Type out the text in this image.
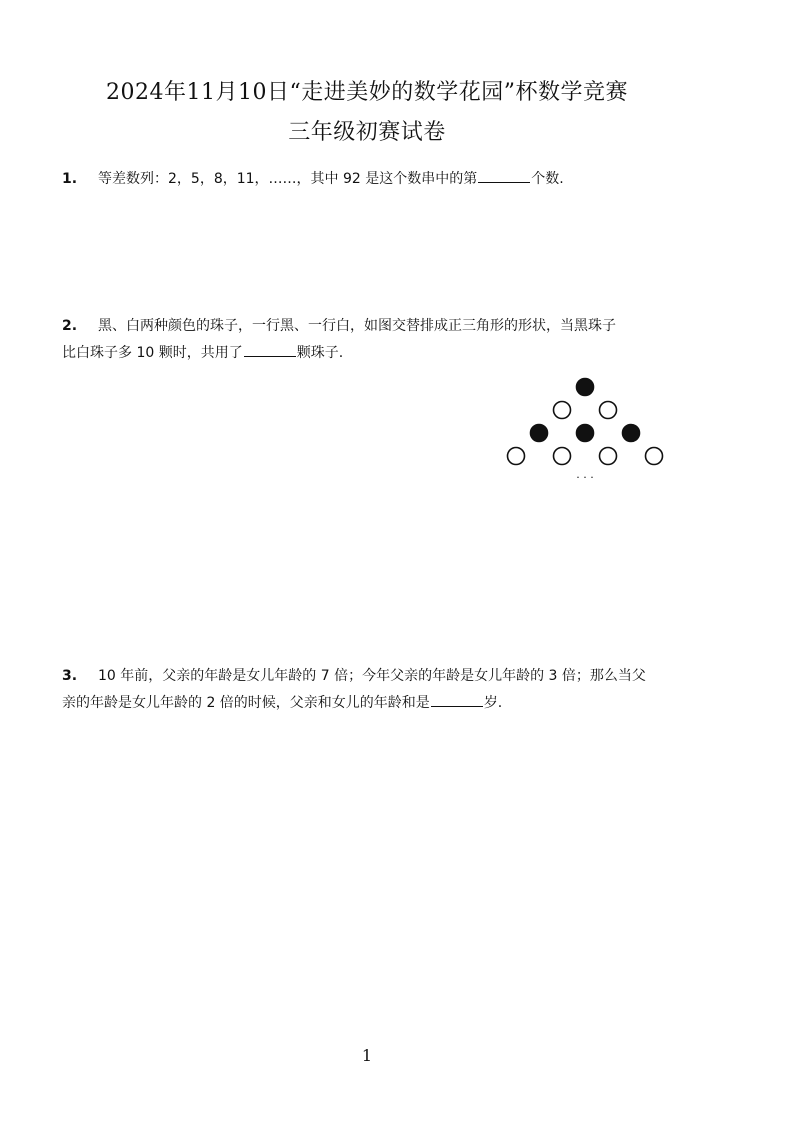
2024年11月10日“走进美妙的数学花园”杯数学竞赛
三年级初赛试卷
1. 等差数列：2，5，8，11，……，其中 92 是这个数串中的第	个数.
2. 黑、白两种颜色的珠子，一行黑、一行白，如图交替排成正三角形的形状，当黑珠子
比白珠子多 10 颗时，共用了	颗珠子.
· · ·
3. 10 年前，父亲的年龄是女儿年龄的 7 倍；今年父亲的年龄是女儿年龄的 3 倍；那么当父
亲的年龄是女儿年龄的 2 倍的时候，父亲和女儿的年龄和是	岁.
1
